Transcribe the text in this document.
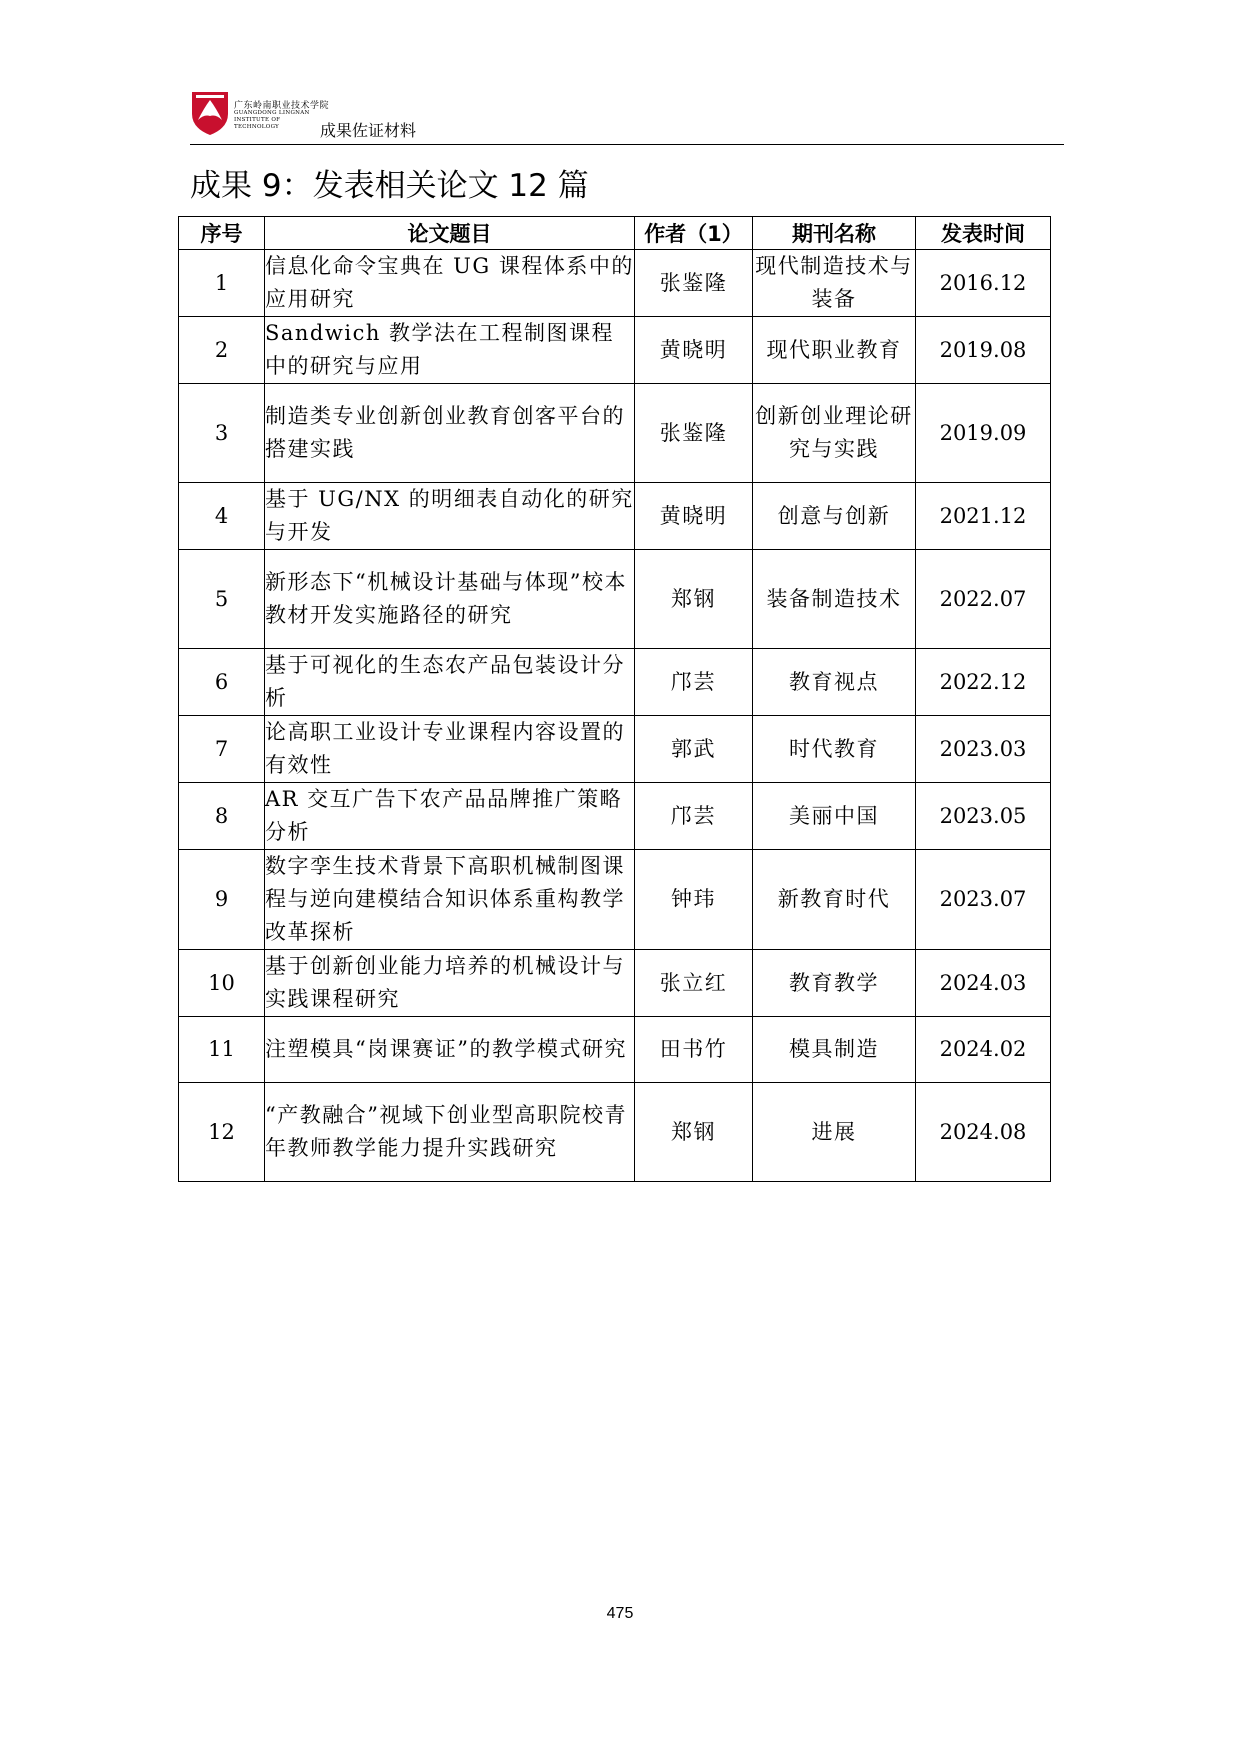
广东岭南职业技术学院
GUANGDONG LINGNAN INSTITUTE OF TECHNOLOGY	成果佐证材料
成果 9：发表相关论文 12 篇
序号	论文题目	作者（1）	期刊名称	发表时间
1	信息化命令宝典在 UG 课程体系中的应用研究	张鉴隆	现代制造技术与装备	2016.12
2	Sandwich 教学法在工程制图课程中的研究与应用	黄晓明	现代职业教育	2019.08
3	制造类专业创新创业教育创客平台的搭建实践	张鉴隆	创新创业理论研究与实践	2019.09
4	基于 UG/NX 的明细表自动化的研究与开发	黄晓明	创意与创新	2021.12
5	新形态下“机械设计基础与体现”校本教材开发实施路径的研究	郑钢	装备制造技术	2022.07
6	基于可视化的生态农产品包装设计分析	邝芸	教育视点	2022.12
7	论高职工业设计专业课程内容设置的有效性	郭武	时代教育	2023.03
8	AR 交互广告下农产品品牌推广策略分析	邝芸	美丽中国	2023.05
9	数字孪生技术背景下高职机械制图课程与逆向建模结合知识体系重构教学改革探析	钟玮	新教育时代	2023.07
10	基于创新创业能力培养的机械设计与实践课程研究	张立红	教育教学	2024.03
11	注塑模具“岗课赛证”的教学模式研究	田书竹	模具制造	2024.02
12	“产教融合”视域下创业型高职院校青年教师教学能力提升实践研究	郑钢	进展	2024.08
475
